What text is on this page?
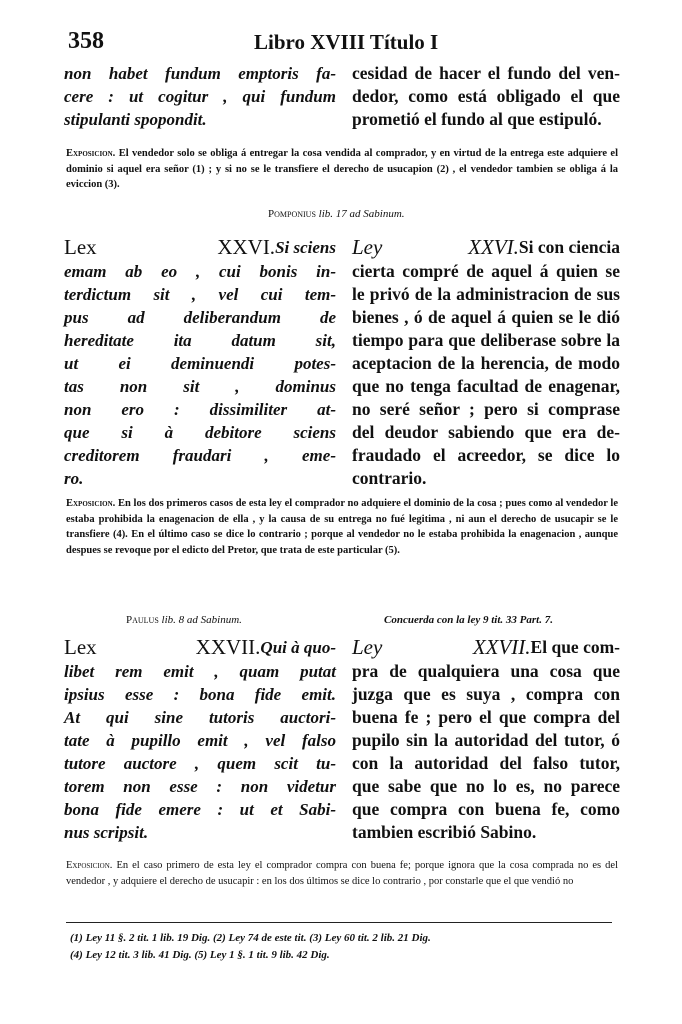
358	Libro XVIII Título I

non habet fundum emptoris fa-

cere : ut cogitur , qui fundum

stipulanti spopondit.

cesidad de hacer el fundo del ven-

dedor, como está obligado el que

prometió el fundo al que estipuló.

Exposicion. El vendedor solo se obliga á entregar la cosa vendida al comprador, y en virtud de la entrega este adquiere el dominio si aquel era señor (1) ; y si no se le transfiere el derecho de usucapion (2) , el vendedor tambien se obliga á la eviccion (3).

Pomponius lib. 17 ad Sabinum.

Lex XXVI. Si sciens

emam ab eo , cui bonis in-

terdictum sit , vel cui tem-

pus ad deliberandum de

hereditate ita datum sit,

ut ei deminuendi potes-

tas non sit , dominus

non ero : dissimiliter at-

que si à debitore sciens

creditorem fraudari , eme-

ro.

Ley XXVI. Si con ciencia

cierta compré de aquel á quien se

le privó de la administracion de sus

bienes , ó de aquel á quien se le dió

tiempo para que deliberase sobre la

aceptacion de la herencia, de modo

que no tenga facultad de enagenar,

no seré señor ; pero si comprase

del deudor sabiendo que era de-

fraudado el acreedor, se dice lo

contrario.

Exposicion. En los dos primeros casos de esta ley el comprador no adquiere el dominio de la cosa ; pues como al vendedor le estaba prohibida la enagenacion de ella , y la causa de su entrega no fué legitima , ni aun el derecho de usucapir se le transfiere (4). En el último caso se dice lo contrario ; porque al vendedor no le estaba prohibida la enagenacion , aunque despues se revoque por el edicto del Pretor, que trata de este particular (5).

Paulus lib. 8 ad Sabinum.	Concuerda con la ley 9 tit. 33 Part. 7.

Lex XXVII. Qui à quo-

libet rem emit , quam putat

ipsius esse : bona fide emit.

At qui sine tutoris auctori-

tate à pupillo emit , vel falso

tutore auctore , quem scit tu-

torem non esse : non videtur

bona fide emere : ut et Sabi-

nus scripsit.

Ley XXVII. El que com-

pra de qualquiera una cosa que

juzga que es suya , compra con

buena fe ; pero el que compra del

pupilo sin la autoridad del tutor, ó

con la autoridad del falso tutor,

que sabe que no lo es, no parece

que compra con buena fe, como

tambien escribió Sabino.

Exposicion. En el caso primero de esta ley el comprador compra con buena fe; porque ignora que la cosa comprada no es del vendedor , y adquiere el derecho de usucapir : en los dos últimos se dice lo contrario , por constarle que el que vendió no

(1) Ley 11 §. 2 tit. 1 lib. 19 Dig. (2) Ley 74 de este tit. (3) Ley 60 tit. 2 lib. 21 Dig.

(4) Ley 12 tit. 3 lib. 41 Dig. (5) Ley 1 §. 1 tit. 9 lib. 42 Dig.
